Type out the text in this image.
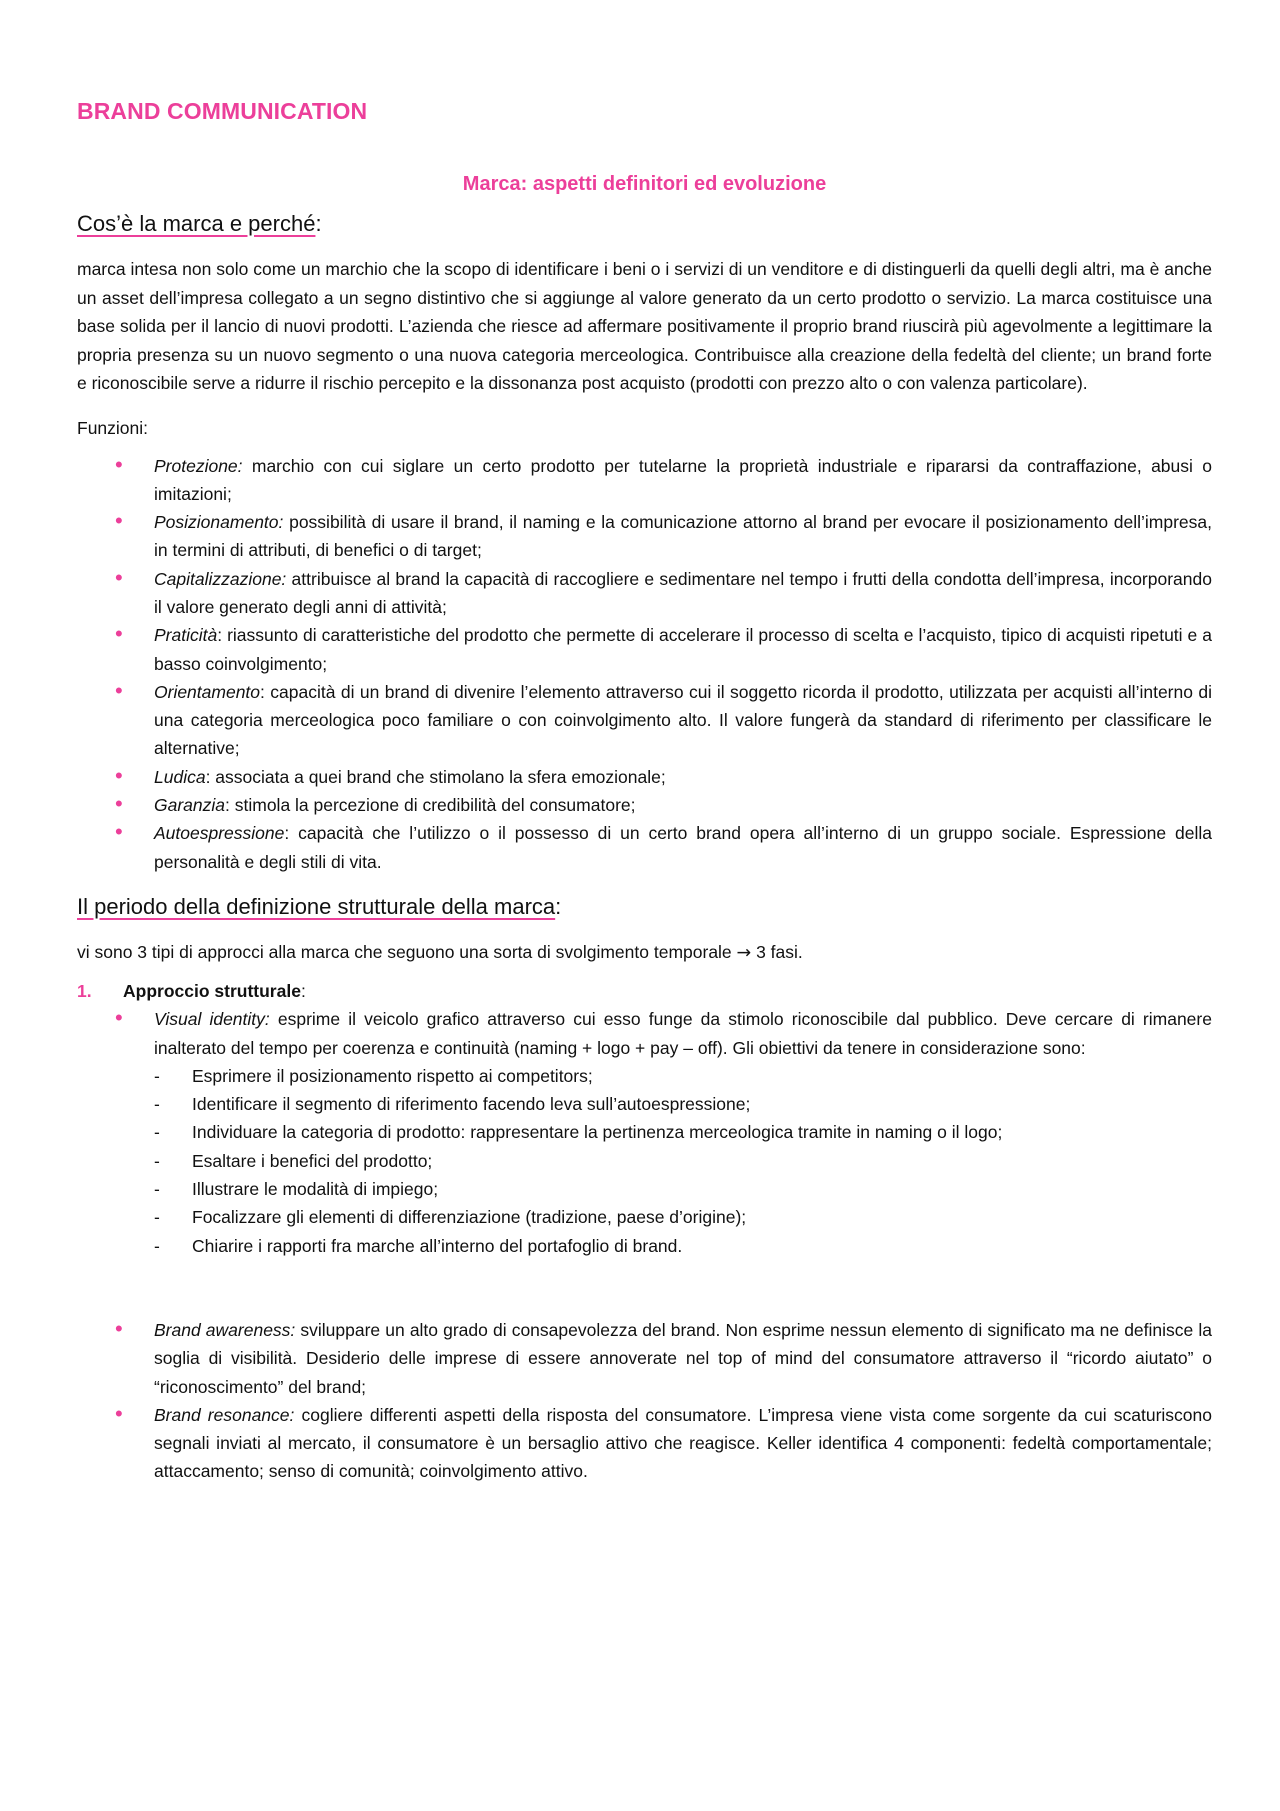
BRAND COMMUNICATION
Marca: aspetti definitori ed evoluzione
Cos’è la marca e perché:

marca intesa non solo come un marchio che la scopo di identificare i beni o i servizi di un venditore e di distinguerli da quelli degli altri, ma è anche un asset dell’impresa collegato a un segno distintivo che si aggiunge al valore generato da un certo prodotto o servizio. La marca costituisce una base solida per il lancio di nuovi prodotti. L’azienda che riesce ad affermare positivamente il proprio brand riuscirà più agevolmente a legittimare la propria presenza su un nuovo segmento o una nuova categoria merceologica. Contribuisce alla creazione della fedeltà del cliente; un brand forte e riconoscibile serve a ridurre il rischio percepito e la dissonanza post acquisto (prodotti con prezzo alto o con valenza particolare).

Funzioni:

• Protezione: marchio con cui siglare un certo prodotto per tutelarne la proprietà industriale e ripararsi da contraffazione, abusi o imitazioni;
• Posizionamento: possibilità di usare il brand, il naming e la comunicazione attorno al brand per evocare il posizionamento dell’impresa, in termini di attributi, di benefici o di target;
• Capitalizzazione: attribuisce al brand la capacità di raccogliere e sedimentare nel tempo i frutti della condotta dell’impresa, incorporando il valore generato degli anni di attività;
• Praticità: riassunto di caratteristiche del prodotto che permette di accelerare il processo di scelta e l’acquisto, tipico di acquisti ripetuti e a basso coinvolgimento;
• Orientamento: capacità di un brand di divenire l’elemento attraverso cui il soggetto ricorda il prodotto, utilizzata per acquisti all’interno di una categoria merceologica poco familiare o con coinvolgimento alto. Il valore fungerà da standard di riferimento per classificare le alternative;
• Ludica: associata a quei brand che stimolano la sfera emozionale;
• Garanzia: stimola la percezione di credibilità del consumatore;
• Autoespressione: capacità che l’utilizzo o il possesso di un certo brand opera all’interno di un gruppo sociale. Espressione della personalità e degli stili di vita.
Il periodo della definizione strutturale della marca:

vi sono 3 tipi di approcci alla marca che seguono una sorta di svolgimento temporale → 3 fasi.

1. Approccio strutturale:
• Visual identity: esprime il veicolo grafico attraverso cui esso funge da stimolo riconoscibile dal pubblico. Deve cercare di rimanere inalterato del tempo per coerenza e continuità (naming + logo + pay – off). Gli obiettivi da tenere in considerazione sono:
- Esprimere il posizionamento rispetto ai competitors;
- Identificare il segmento di riferimento facendo leva sull’autoespressione;
- Individuare la categoria di prodotto: rappresentare la pertinenza merceologica tramite in naming o il logo;
- Esaltare i benefici del prodotto;
- Illustrare le modalità di impiego;
- Focalizzare gli elementi di differenziazione (tradizione, paese d’origine);
- Chiarire i rapporti fra marche all’interno del portafoglio di brand.
• Brand awareness: sviluppare un alto grado di consapevolezza del brand. Non esprime nessun elemento di significato ma ne definisce la soglia di visibilità. Desiderio delle imprese di essere annoverate nel top of mind del consumatore attraverso il “ricordo aiutato” o “riconoscimento” del brand;
• Brand resonance: cogliere differenti aspetti della risposta del consumatore. L’impresa viene vista come sorgente da cui scaturiscono segnali inviati al mercato, il consumatore è un bersaglio attivo che reagisce. Keller identifica 4 componenti: fedeltà comportamentale; attaccamento; senso di comunità; coinvolgimento attivo.
